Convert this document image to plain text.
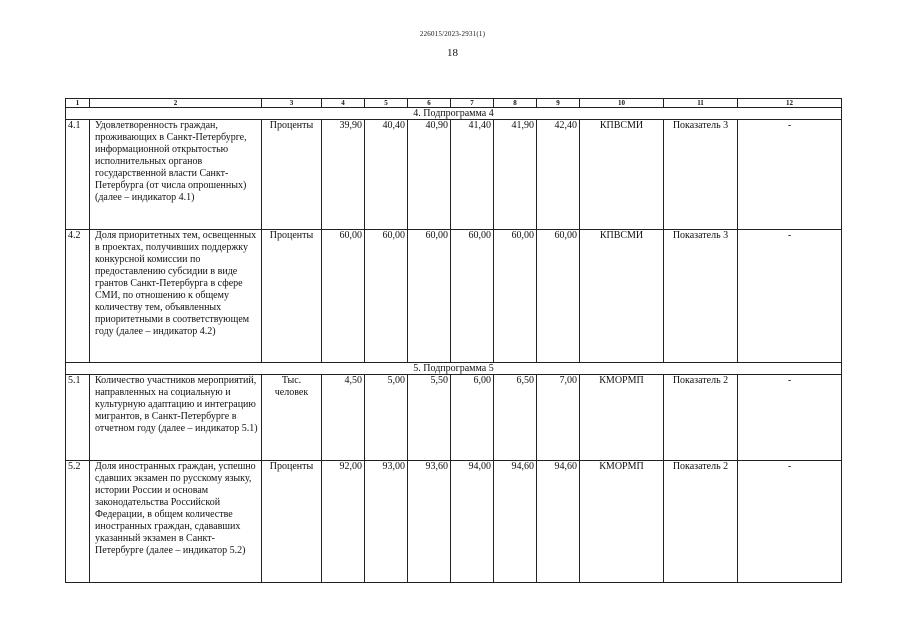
226015/2023-2931(1)
18
1	2	3	4	5	6	7	8	9	10	11	12
4. Подпрограмма 4											
4.1	Удовлетворенность граждан, проживающих в Санкт-Петербурге, информационной открытостью исполнительных органов государственной власти Санкт-Петербурга (от числа опрошенных) (далее – индикатор 4.1)	Проценты	39,90	40,40	40,90	41,40	41,90	42,40	КПВСМИ	Показатель 3	-
4.2	Доля приоритетных тем, освещенных в проектах, получивших поддержку конкурсной комиссии по предоставлению субсидии в виде грантов Санкт-Петербурга в сфере СМИ, по отношению к общему количеству тем, объявленных приоритетными в соответствующем году (далее – индикатор 4.2)	Проценты	60,00	60,00	60,00	60,00	60,00	60,00	КПВСМИ	Показатель 3	-
5. Подпрограмма 5											
5.1	Количество участников мероприятий, направленных на социальную и культурную адаптацию и интеграцию мигрантов, в Санкт-Петербурге в отчетном году (далее – индикатор 5.1)	Тыс. человек	4,50	5,00	5,50	6,00	6,50	7,00	КМОРМП	Показатель 2	-
5.2	Доля иностранных граждан, успешно сдавших экзамен по русскому языку, истории России и основам законодательства Российской Федерации, в общем количестве иностранных граждан, сдававших указанный экзамен в Санкт-Петербурге (далее – индикатор 5.2)	Проценты	92,00	93,00	93,60	94,00	94,60	94,60	КМОРМП	Показатель 2	-
